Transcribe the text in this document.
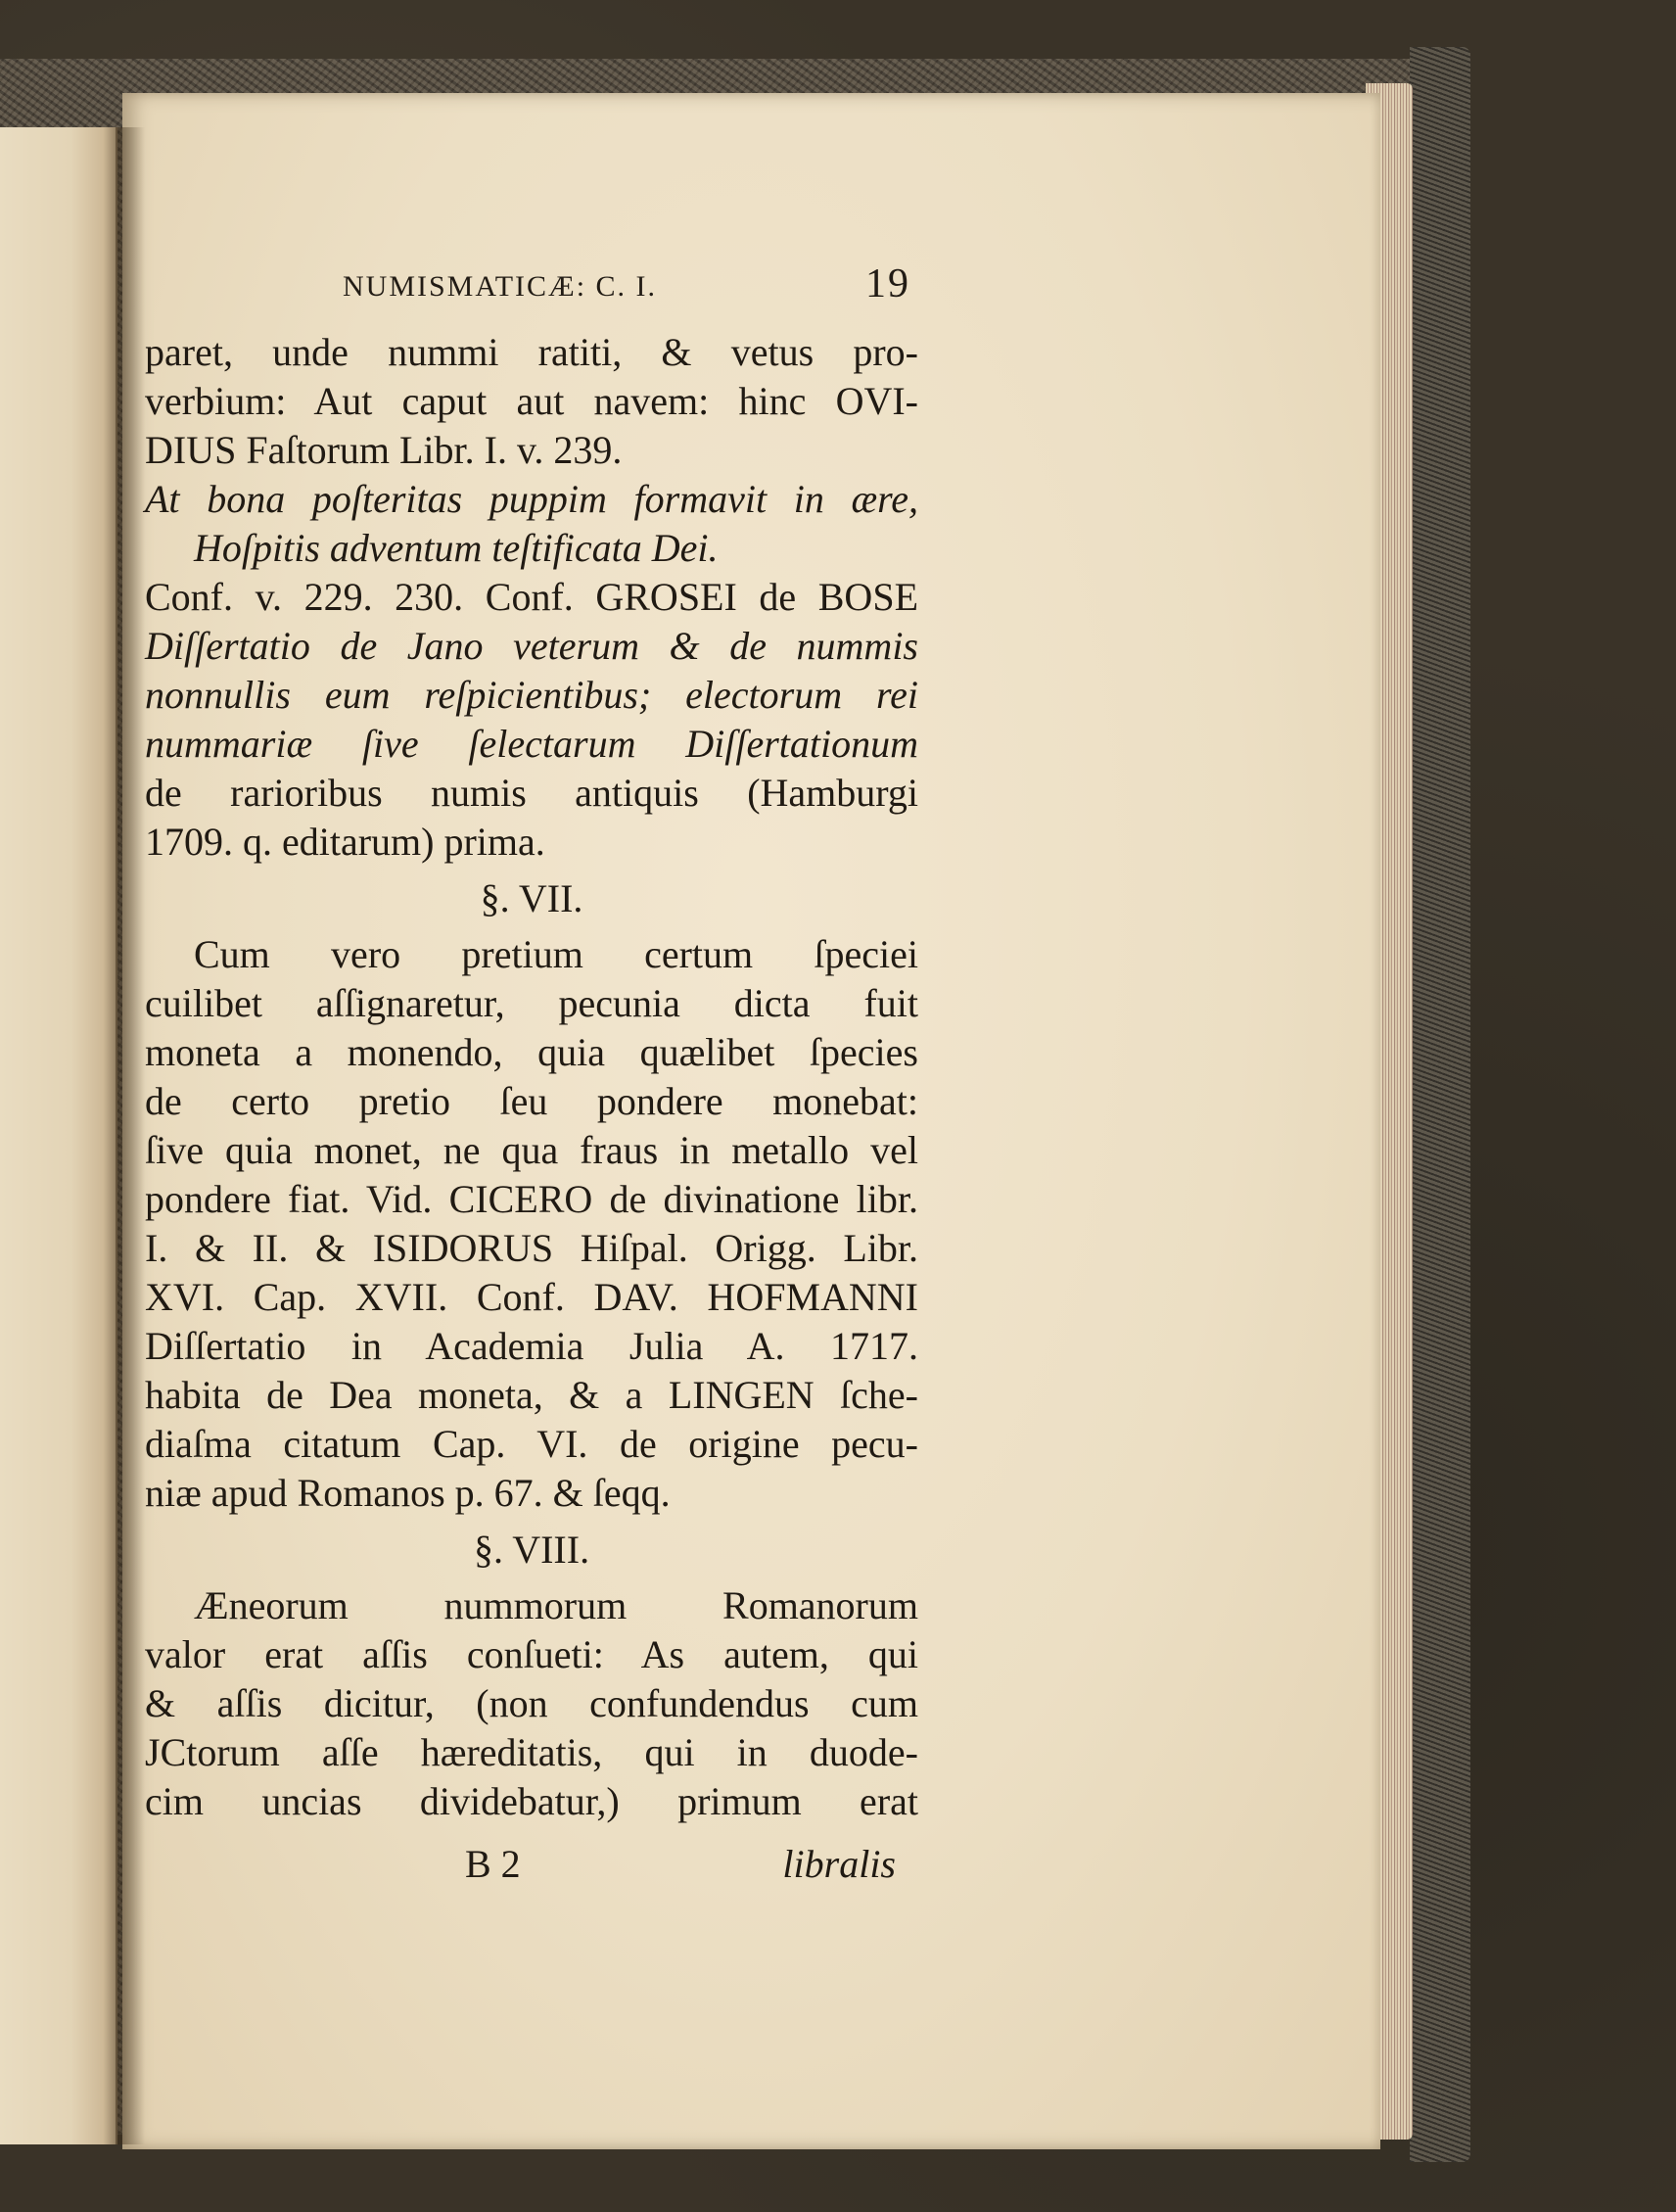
NUMISMATICÆ: C. I.	19
paret, unde nummi ratiti, & vetus pro-
verbium: Aut caput aut navem: hinc OVI-
DIUS Faſtorum Libr. I. v. 239.
At bona poſteritas puppim formavit in ære,
Hoſpitis adventum teſtificata Dei.
Conf. v. 229. 230. Conf. GROSEI de BOSE
Diſſertatio de Jano veterum & de nummis
nonnullis eum reſpicientibus; electorum rei
nummariæ ſive ſelectarum Diſſertationum
de rarioribus numis antiquis (Hamburgi
1709. q. editarum) prima.
§. VII.
Cum vero pretium certum ſpeciei
cuilibet aſſignaretur, pecunia dicta fuit
moneta a monendo, quia quælibet ſpecies
de certo pretio ſeu pondere monebat:
ſive quia monet, ne qua fraus in metallo vel
pondere fiat. Vid. CICERO de divinatione libr.
I. & II. & ISIDORUS Hiſpal. Origg. Libr.
XVI. Cap. XVII. Conf. DAV. HOFMANNI
Diſſertatio in Academia Julia A. 1717.
habita de Dea moneta, & a LINGEN ſche-
diaſma citatum Cap. VI. de origine pecu-
niæ apud Romanos p. 67. & ſeqq.
§. VIII.
Æneorum nummorum Romanorum
valor erat aſſis conſueti: As autem, qui
& aſſis dicitur, (non confundendus cum
JCtorum aſſe hæreditatis, qui in duode-
cim uncias dividebatur,) primum erat
B 2	libralis
